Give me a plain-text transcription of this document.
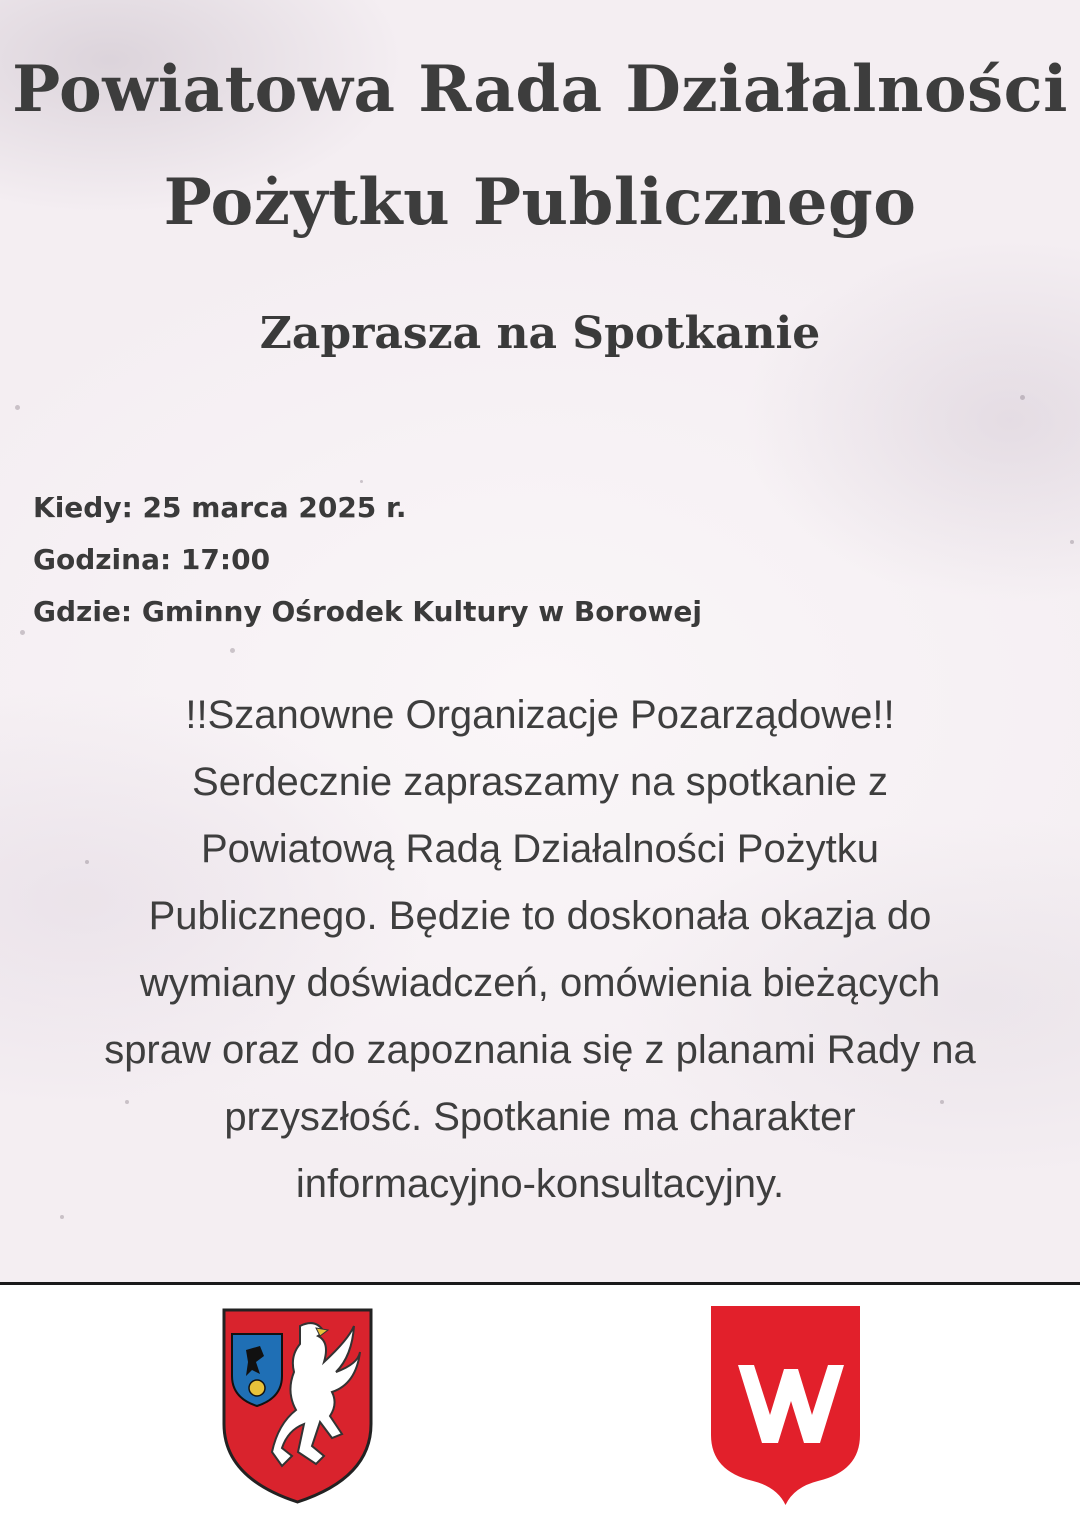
Powiatowa Rada Działalności
Pożytku Publicznego
Zaprasza na Spotkanie
Kiedy: 25 marca 2025 r.
Godzina: 17:00
Gdzie: Gminny Ośrodek Kultury w Borowej

!!Szanowne Organizacje Pozarządowe!!
Serdecznie zapraszamy na spotkanie z
Powiatową Radą Działalności Pożytku
Publicznego. Będzie to doskonała okazja do
wymiany doświadczeń, omówienia bieżących
spraw oraz do zapoznania się z planami Rady na
przyszłość. Spotkanie ma charakter
informacyjno-konsultacyjny.
